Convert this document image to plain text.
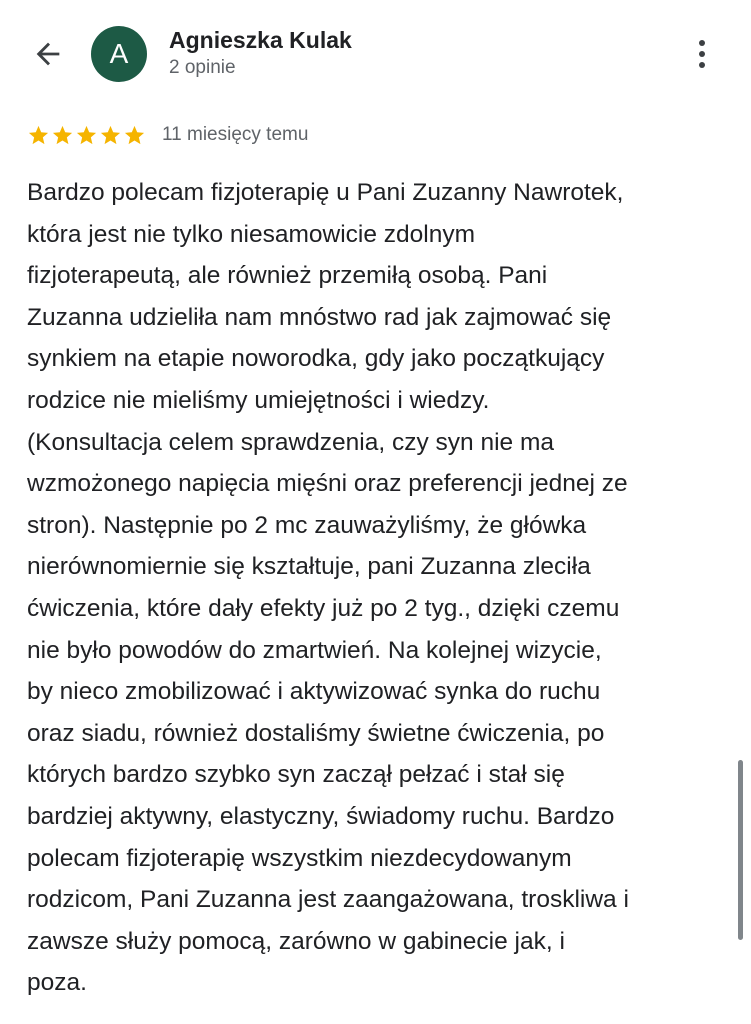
A Agnieszka Kulak
2 opinie
11 miesięcy temu
Bardzo polecam fizjoterapię u Pani Zuzanny Nawrotek,
która jest nie tylko niesamowicie zdolnym
fizjoterapeutą, ale również przemiłą osobą. Pani
Zuzanna udzieliła nam mnóstwo rad jak zajmować się
synkiem na etapie noworodka, gdy jako początkujący
rodzice nie mieliśmy umiejętności i wiedzy.
(Konsultacja celem sprawdzenia, czy syn nie ma
wzmożonego napięcia mięśni oraz preferencji jednej ze
stron). Następnie po 2 mc zauważyliśmy, że główka
nierównomiernie się kształtuje, pani Zuzanna zleciła
ćwiczenia, które dały efekty już po 2 tyg., dzięki czemu
nie było powodów do zmartwień. Na kolejnej wizycie,
by nieco zmobilizować i aktywizować synka do ruchu
oraz siadu, również dostaliśmy świetne ćwiczenia, po
których bardzo szybko syn zaczął pełzać i stał się
bardziej aktywny, elastyczny, świadomy ruchu. Bardzo
polecam fizjoterapię wszystkim niezdecydowanym
rodzicom, Pani Zuzanna jest zaangażowana, troskliwa i
zawsze służy pomocą, zarówno w gabinecie jak, i
poza.
